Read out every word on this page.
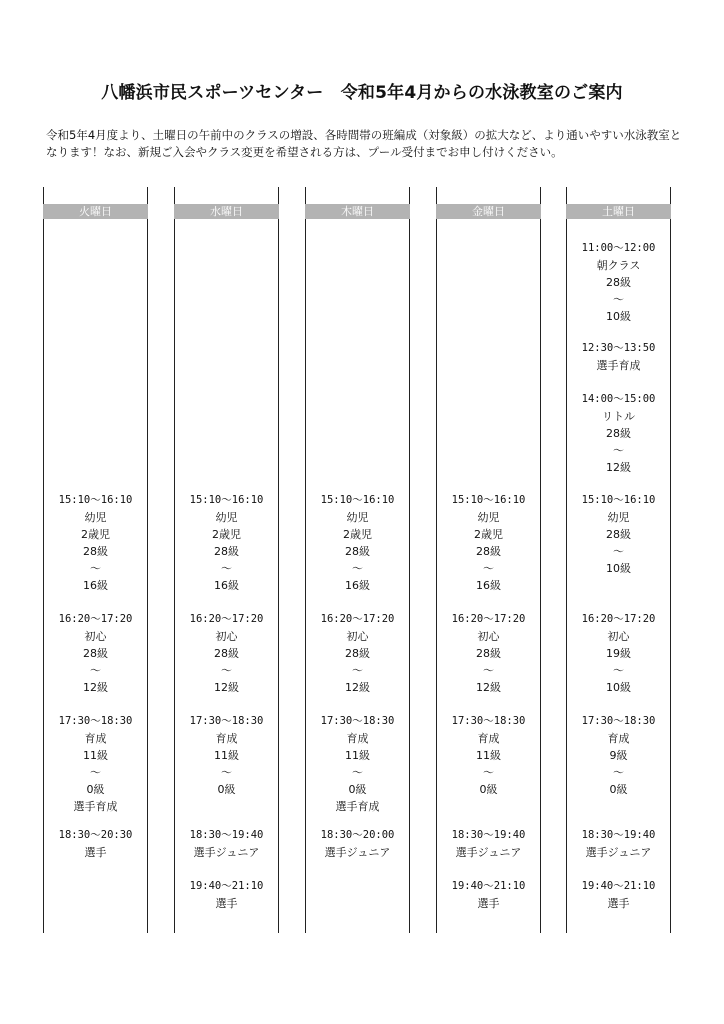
八幡浜市民スポーツセンター　令和5年4月からの水泳教室のご案内
令和5年4月度より、土曜日の午前中のクラスの増設、各時間帯の班編成（対象級）の拡大など、より通いやすい水泳教室となります！なお、新規ご入会やクラス変更を希望される方は、プール受付までお申し付けください。
火曜日
15:10～16:10
幼児
2歳児
28級
～
16級
16:20～17:20
初心
28級
～
12級
17:30～18:30
育成
11級
～
0級
選手育成
18:30～20:30
選手
水曜日
15:10～16:10
幼児
2歳児
28級
～
16級
16:20～17:20
初心
28級
～
12級
17:30～18:30
育成
11級
～
0級
18:30～19:40
選手ジュニア
19:40～21:10
選手
木曜日
15:10～16:10
幼児
2歳児
28級
～
16級
16:20～17:20
初心
28級
～
12級
17:30～18:30
育成
11級
～
0級
選手育成
18:30～20:00
選手ジュニア
金曜日
15:10～16:10
幼児
2歳児
28級
～
16級
16:20～17:20
初心
28級
～
12級
17:30～18:30
育成
11級
～
0級
18:30～19:40
選手ジュニア
19:40～21:10
選手
土曜日
11:00～12:00
朝クラス
28級
～
10級
12:30～13:50
選手育成
14:00～15:00
リトル
28級
～
12級
15:10～16:10
幼児
28級
～
10級
16:20～17:20
初心
19級
～
10級
17:30～18:30
育成
9級
～
0級
18:30～19:40
選手ジュニア
19:40～21:10
選手
